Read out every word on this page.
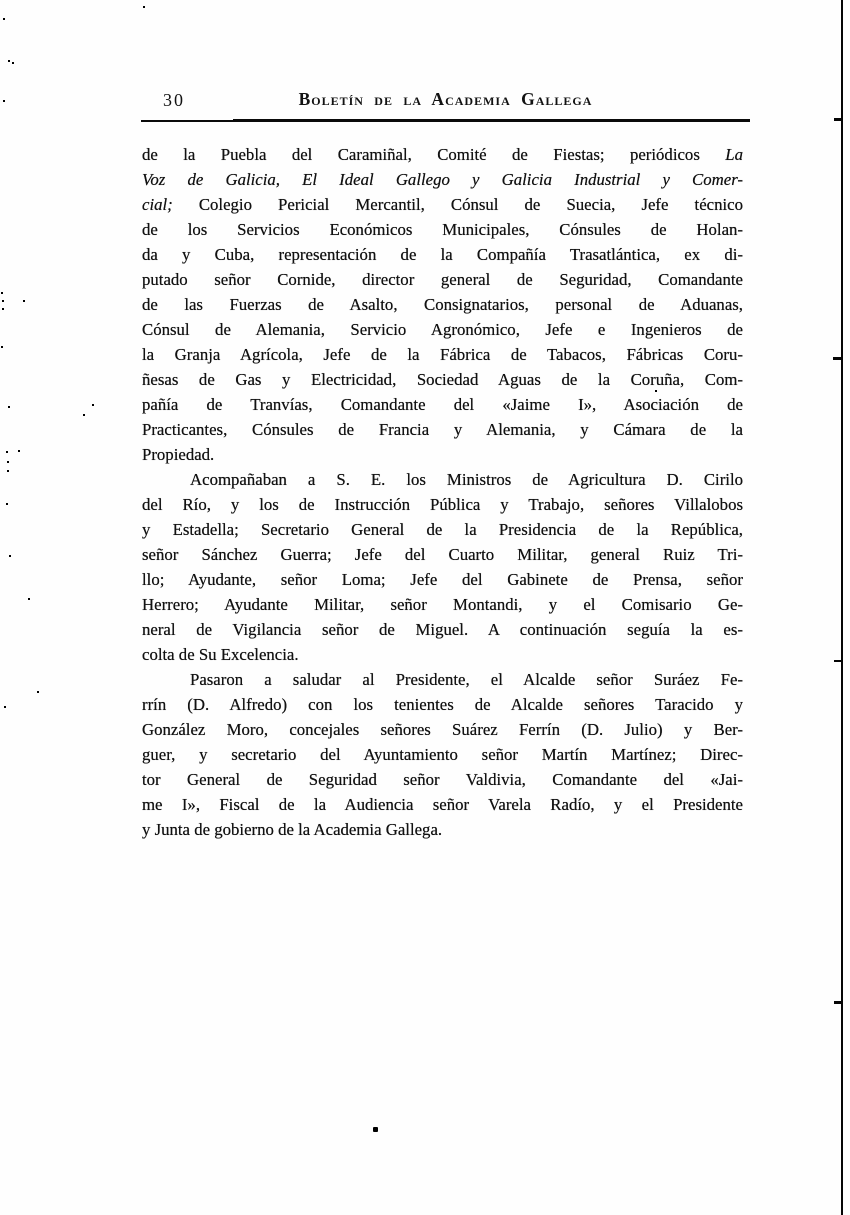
30	Boletín de la Academia Gallega
de la Puebla del Caramiñal, Comité de Fiestas; periódicos La
Voz de Galicia, El Ideal Gallego y Galicia Industrial y Comer-
cial; Colegio Pericial Mercantil, Cónsul de Suecia, Jefe técnico
de los Servicios Económicos Municipales, Cónsules de Holan-
da y Cuba, representación de la Compañía Trasatlántica, ex di-
putado señor Cornide, director general de Seguridad, Comandante
de las Fuerzas de Asalto, Consignatarios, personal de Aduanas,
Cónsul de Alemania, Servicio Agronómico, Jefe e Ingenieros de
la Granja Agrícola, Jefe de la Fábrica de Tabacos, Fábricas Coru-
ñesas de Gas y Electricidad, Sociedad Aguas de la Coruña, Com-
pañía de Tranvías, Comandante del «Jaime I», Asociación de
Practicantes, Cónsules de Francia y Alemania, y Cámara de la
Propiedad.
Acompañaban a S. E. los Ministros de Agricultura D. Cirilo
del Río, y los de Instrucción Pública y Trabajo, señores Villalobos
y Estadella; Secretario General de la Presidencia de la República,
señor Sánchez Guerra; Jefe del Cuarto Militar, general Ruiz Tri-
llo; Ayudante, señor Loma; Jefe del Gabinete de Prensa, señor
Herrero; Ayudante Militar, señor Montandi, y el Comisario Ge-
neral de Vigilancia señor de Miguel. A continuación seguía la es-
colta de Su Excelencia.
Pasaron a saludar al Presidente, el Alcalde señor Suráez Fe-
rrín (D. Alfredo) con los tenientes de Alcalde señores Taracido y
González Moro, concejales señores Suárez Ferrín (D. Julio) y Ber-
guer, y secretario del Ayuntamiento señor Martín Martínez; Direc-
tor General de Seguridad señor Valdivia, Comandante del «Jai-
me I», Fiscal de la Audiencia señor Varela Radío, y el Presidente
y Junta de gobierno de la Academia Gallega.
